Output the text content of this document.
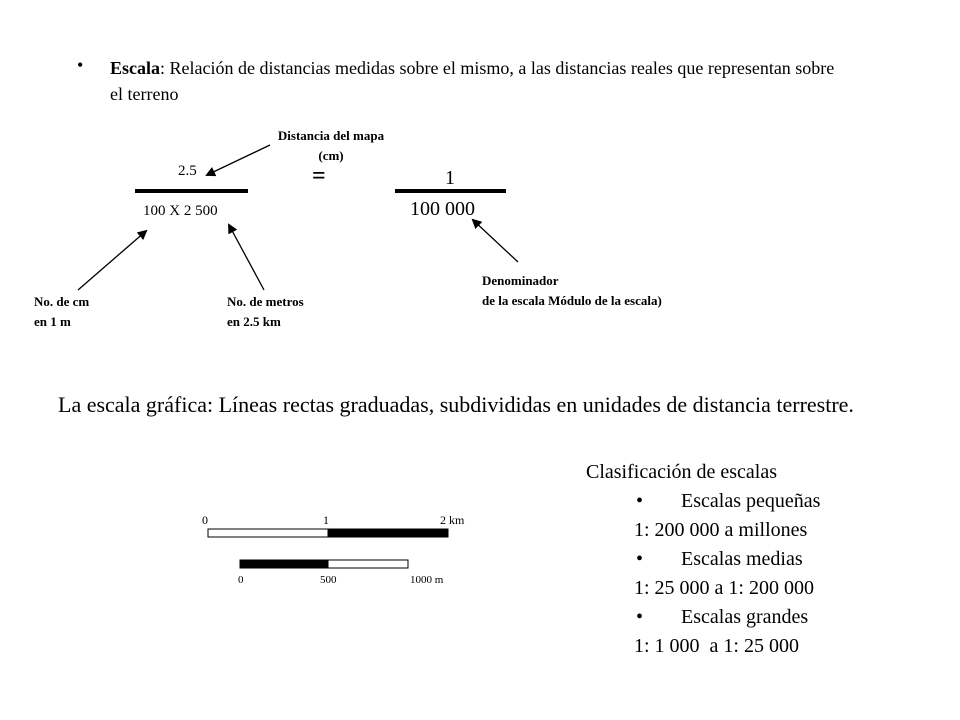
• Escala: Relación de distancias medidas sobre el mismo, a las distancias reales que representan sobre el terreno
Distancia del mapa
(cm)
2.5
100 X 2 500
=	1
100 000
No. de cm
en 1 m
No. de metros
en 2.5 km
Denominador
de la escala Módulo de la escala)
La escala gráfica: Líneas rectas graduadas, subdivididas en unidades de distancia terrestre.
0	1	2 km
0	500	1000 m
Clasificación de escalas
• Escalas pequeñas
1: 200 000 a millones
• Escalas medias
1: 25 000 a 1: 200 000
• Escalas grandes
1: 1 000  a 1: 25 000
